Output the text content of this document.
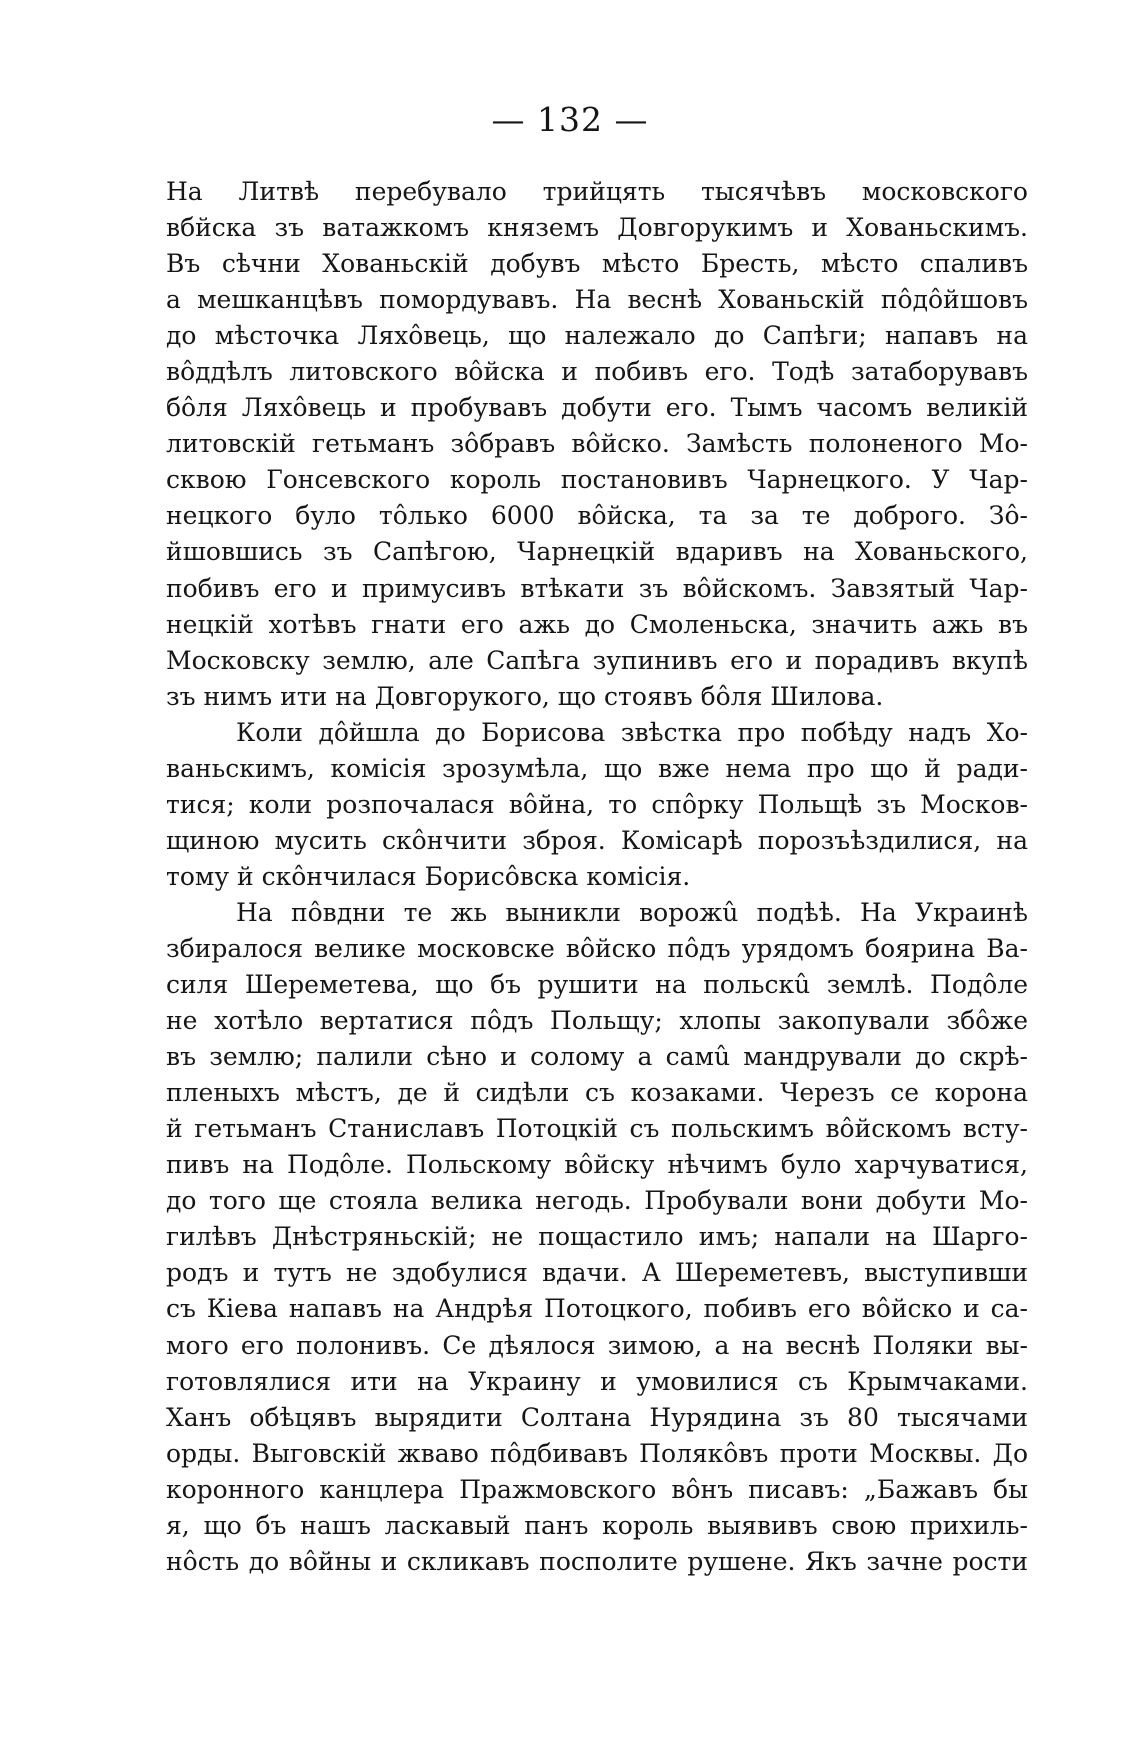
— 132 —
На Литвѣ перебувало трийцять тысячѣвъ московского
вбйска зъ ватажкомъ княземъ Довгорукимъ и Хованьскимъ.
Въ сѣчни Хованьскій добувъ мѣсто Бресть, мѣсто спаливъ
а мешканцѣвъ помордувавъ. На веснѣ Хованьскій пôдôйшовъ
до мѣсточка Ляхôвець, що належало до Сапѣги; напавъ на
вôддѣлъ литовского вôйска и побивъ его. Тодѣ затаборувавъ
бôля Ляхôвець и пробувавъ добути его. Тымъ часомъ великій
литовскій гетьманъ зôбравъ вôйско. Замѣсть полоненого Мо-
сквою Гонсевского король постановивъ Чарнецкого. У Чар-
нецкого було тôлько 6000 вôйска, та за те доброго. Зô-
йшовшись зъ Сапѣгою, Чарнецкій вдаривъ на Хованьского,
побивъ его и примусивъ втѣкати зъ вôйскомъ. Завзятый Чар-
нецкій хотѣвъ гнати его ажь до Смоленьска, значить ажь въ
Московску землю, але Сапѣга зупинивъ его и порадивъ вкупѣ
зъ нимъ ити на Довгорукого, що стоявъ бôля Шилова.
Коли дôйшла до Борисова звѣстка про побѣду надъ Хо-
ваньскимъ, комісія зрозумѣла, що вже нема про що й ради-
тися; коли розпочалася вôйна, то спôрку Польщѣ зъ Москов-
щиною мусить скôнчити зброя. Комісарѣ порозъѣздилися, на
тому й скôнчилася Борисôвска комісія.
На пôвдни те жь выникли ворожû подѣѣ. На Украинѣ
збиралося велике московске вôйско пôдъ урядомъ боярина Ва-
силя Шереметева, що бъ рушити на польскû землѣ. Подôле
не хотѣло вертатися пôдъ Польщу; хлопы закопували збôже
въ землю; палили сѣно и солому а самû мандрували до скрѣ-
пленыхъ мѣстъ, де й сидѣли съ козаками. Черезъ се корона
й гетьманъ Станиславъ Потоцкій съ польскимъ вôйскомъ всту-
пивъ на Подôле. Польскому вôйску нѣчимъ було харчуватися,
до того ще стояла велика негодь. Пробували вони добути Мо-
гилѣвъ Днѣстряньскій; не пощастило имъ; напали на Шарго-
родъ и тутъ не здобулися вдачи. А Шереметевъ, выступивши
съ Кіева напавъ на Андрѣя Потоцкого, побивъ его вôйско и са-
мого его полонивъ. Се дѣялося зимою, а на веснѣ Поляки вы-
готовлялися ити на Украину и умовилися съ Крымчаками.
Ханъ обѣцявъ вырядити Солтана Нурядина зъ 80 тысячами
орды. Выговскій жваво пôдбивавъ Полякôвъ проти Москвы. До
коронного канцлера Пражмовского вôнъ писавъ: „Бажавъ бы
я, що бъ нашъ ласкавый панъ король выявивъ свою прихиль-
нôсть до вôйны и скликавъ посполите рушене. Якъ зачне рости
